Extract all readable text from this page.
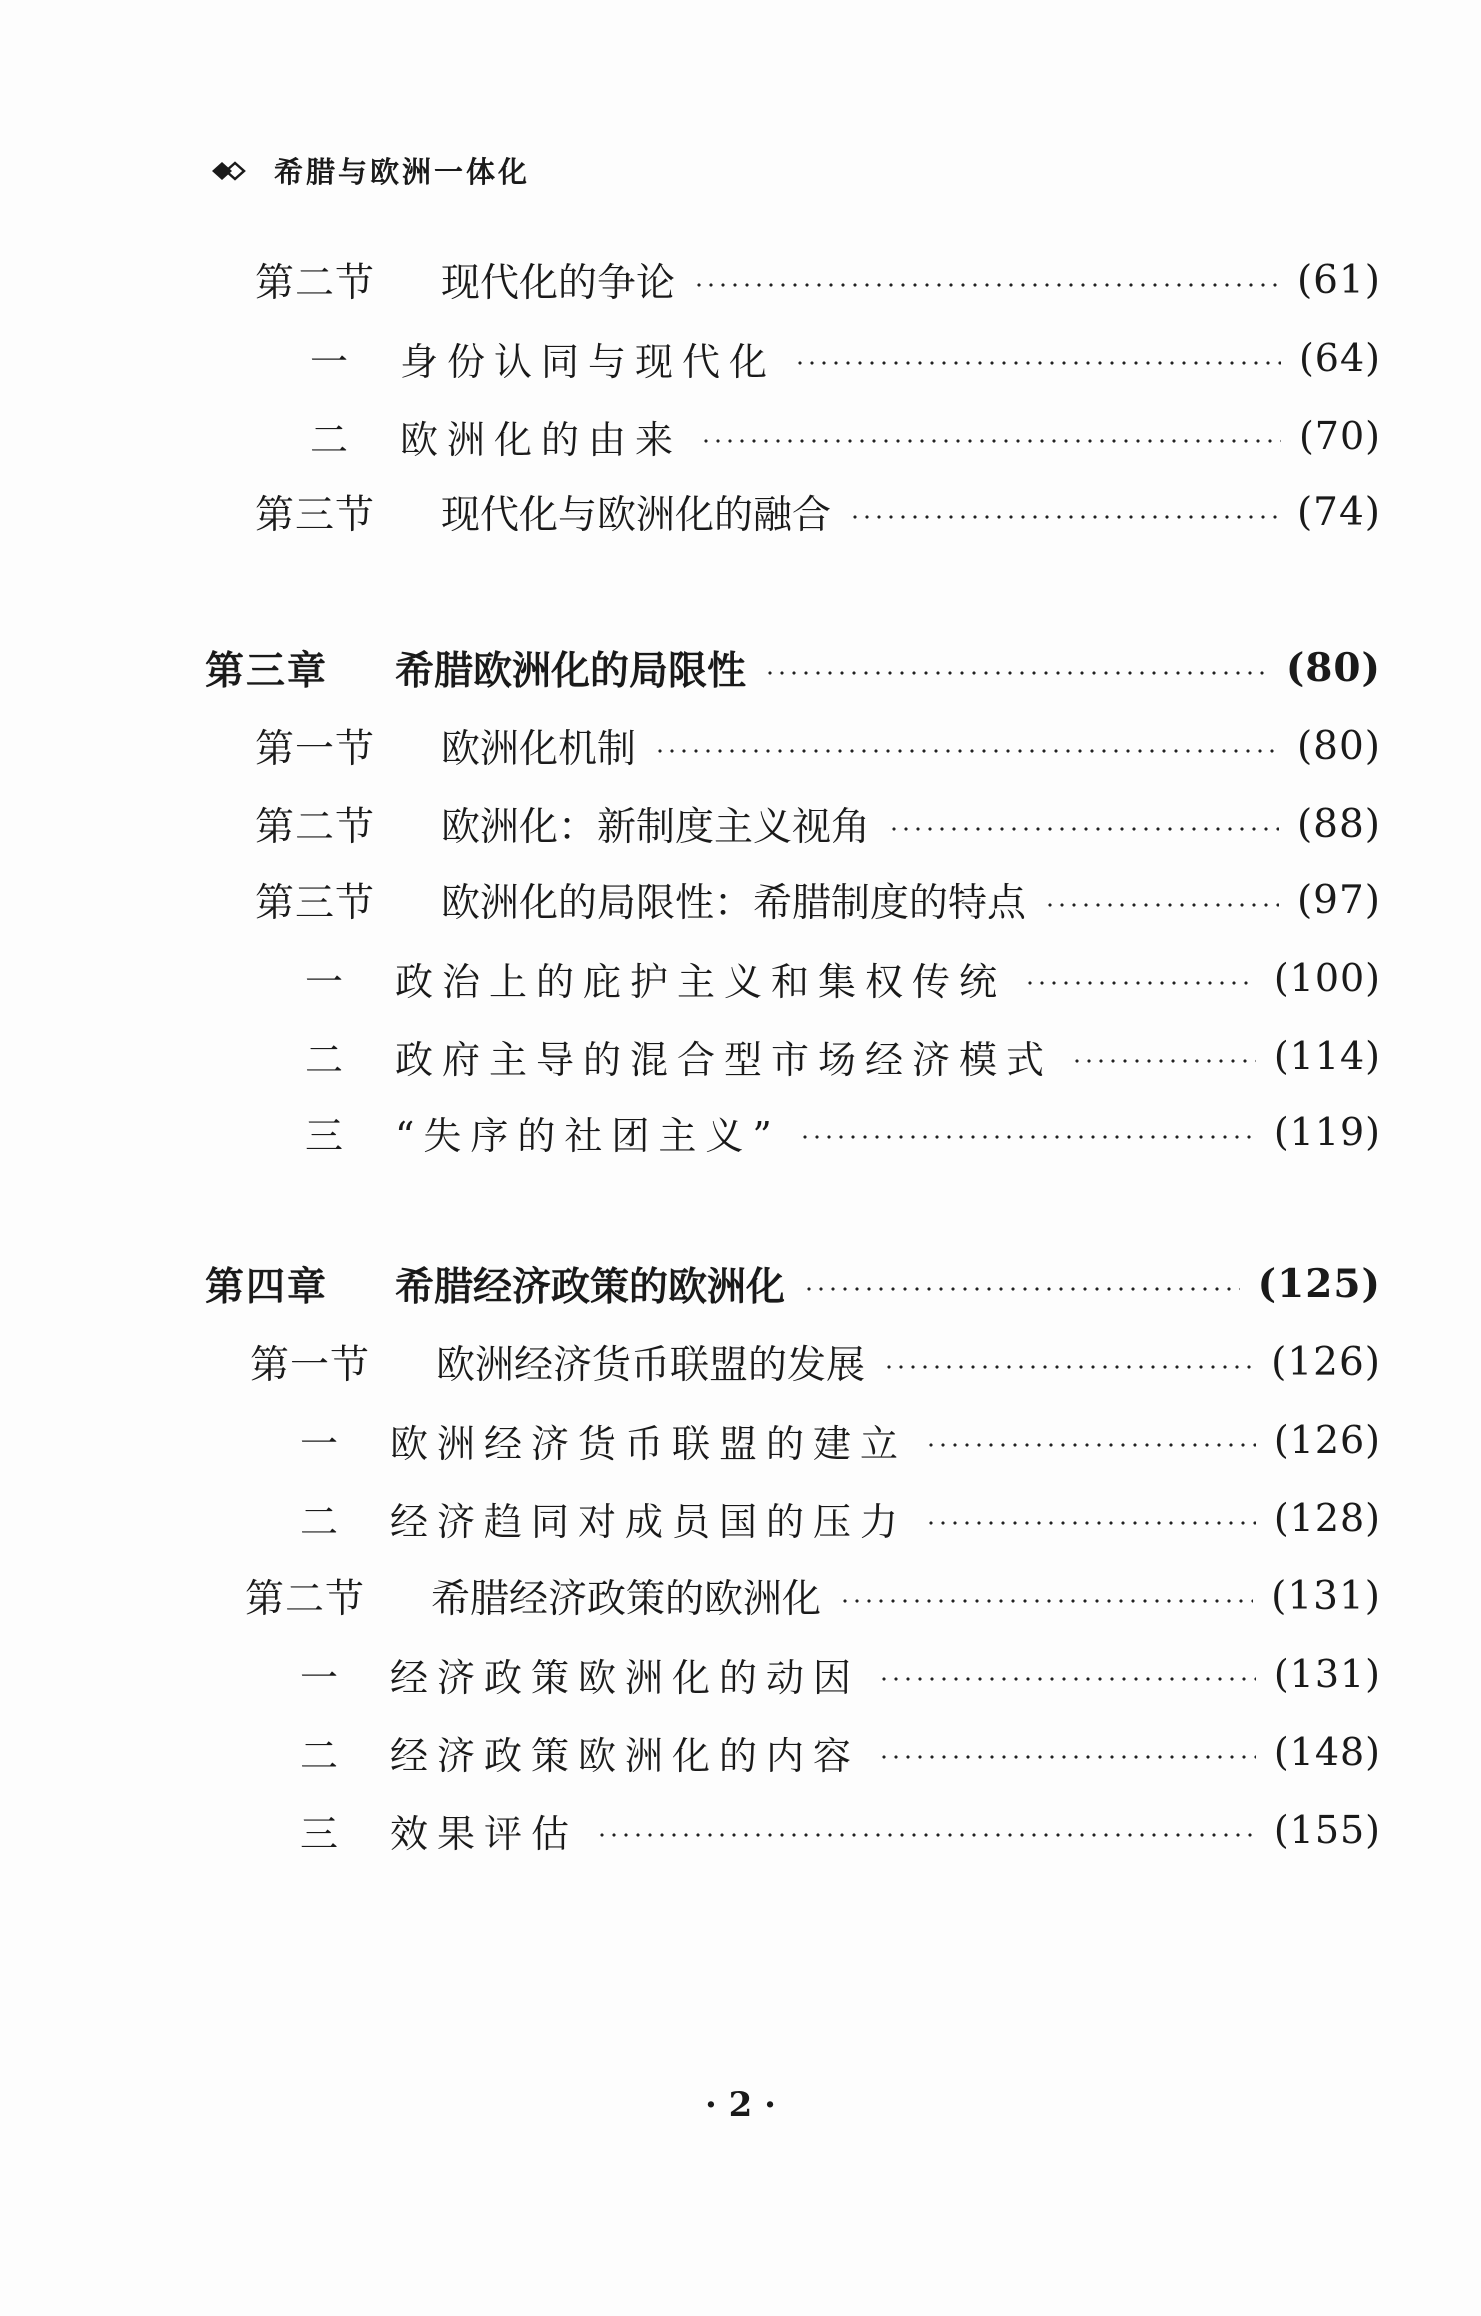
希腊与欧洲一体化
第二节	现代化的争论	(61)
一	身份认同与现代化	(64)
二	欧洲化的由来	(70)
第三节	现代化与欧洲化的融合	(74)
第三章	希腊欧洲化的局限性	(80)
第一节	欧洲化机制	(80)
第二节	欧洲化：新制度主义视角	(88)
第三节	欧洲化的局限性：希腊制度的特点	(97)
一	政治上的庇护主义和集权传统	(100)
二	政府主导的混合型市场经济模式	(114)
三	“失序的社团主义”	(119)
第四章	希腊经济政策的欧洲化	(125)
第一节	欧洲经济货币联盟的发展	(126)
一	欧洲经济货币联盟的建立	(126)
二	经济趋同对成员国的压力	(128)
第二节	希腊经济政策的欧洲化	(131)
一	经济政策欧洲化的动因	(131)
二	经济政策欧洲化的内容	(148)
三	效果评估	(155)
· 2 ·
